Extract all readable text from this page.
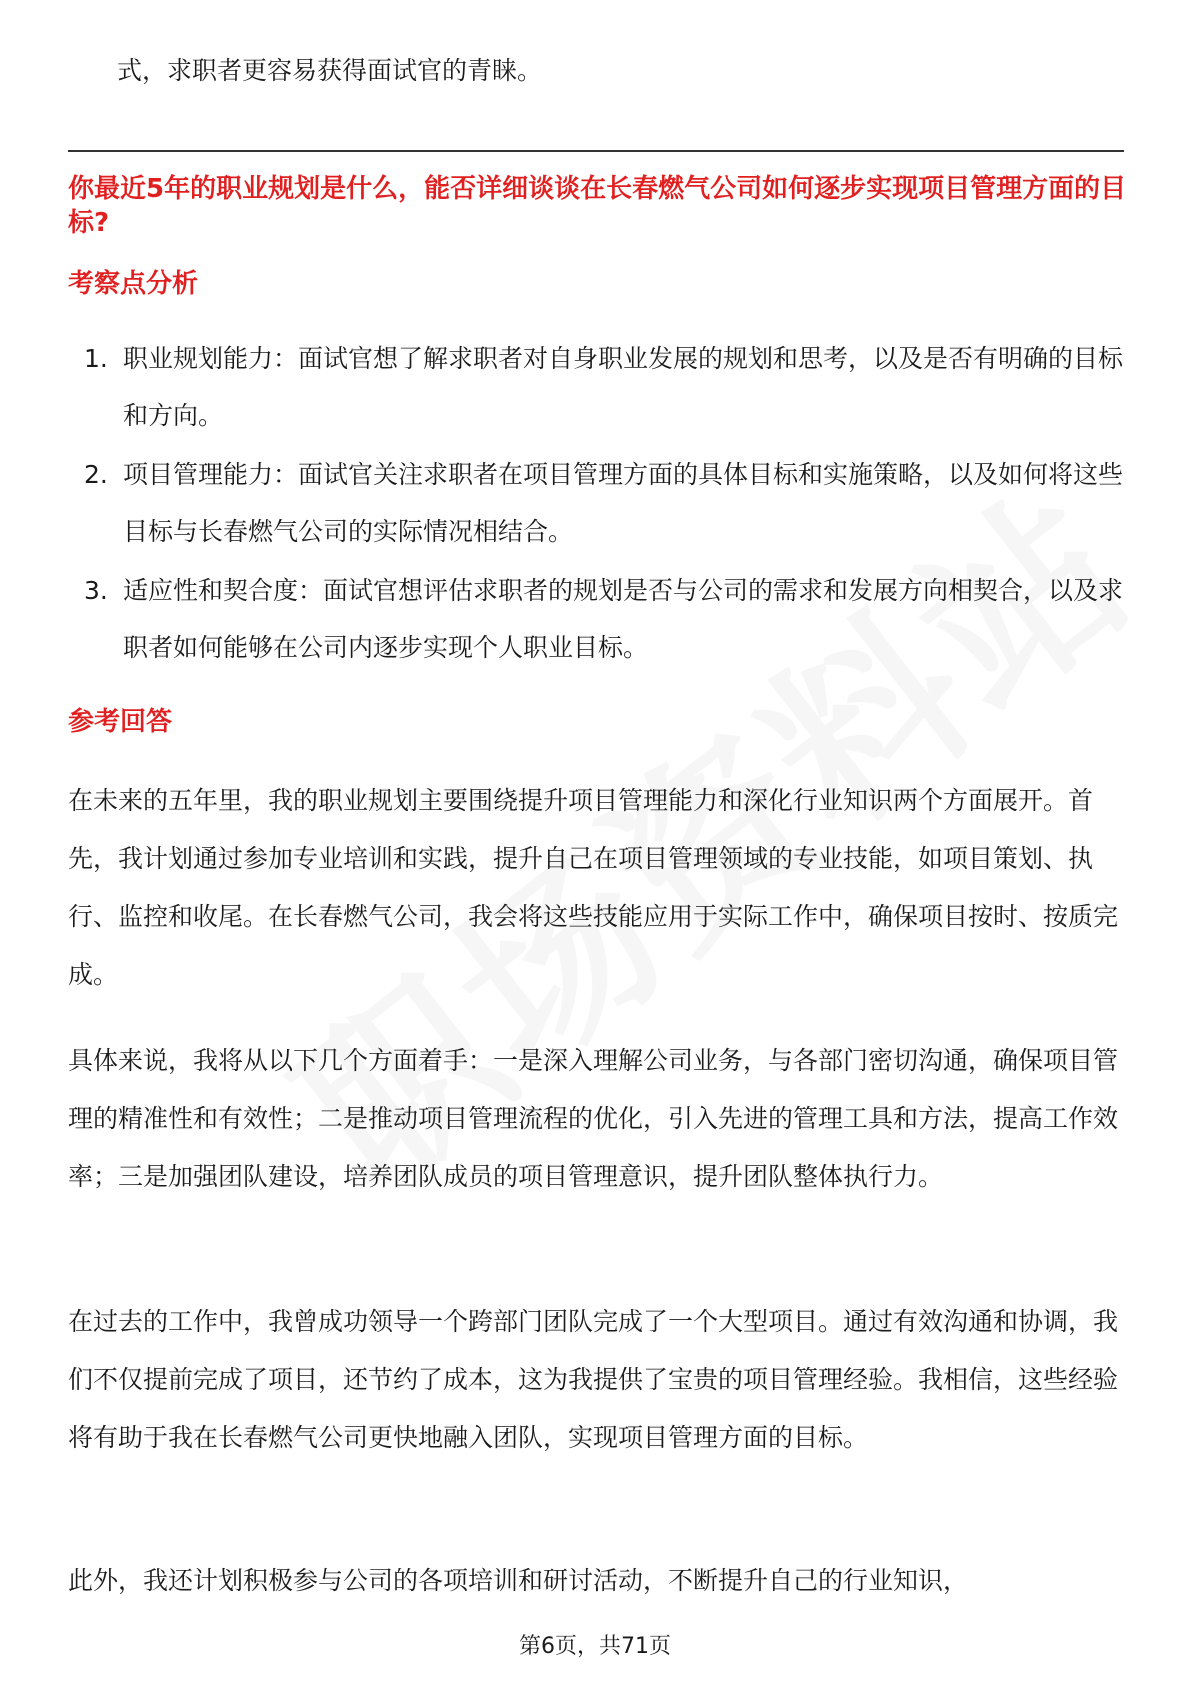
式，求职者更容易获得面试官的青睐。

你最近5年的职业规划是什么，能否详细谈谈在长春燃气公司如何逐步实现项目管理方面的目标?
考察点分析
1. 职业规划能力：面试官想了解求职者对自身职业发展的规划和思考，以及是否有明确的目标和方向。
2. 项目管理能力：面试官关注求职者在项目管理方面的具体目标和实施策略，以及如何将这些目标与长春燃气公司的实际情况相结合。
3. 适应性和契合度：面试官想评估求职者的规划是否与公司的需求和发展方向相契合，以及求职者如何能够在公司内逐步实现个人职业目标。
参考回答

在未来的五年里，我的职业规划主要围绕提升项目管理能力和深化行业知识两个方面展开。首先，我计划通过参加专业培训和实践，提升自己在项目管理领域的专业技能，如项目策划、执行、监控和收尾。在长春燃气公司，我会将这些技能应用于实际工作中，确保项目按时、按质完成。

具体来说，我将从以下几个方面着手：一是深入理解公司业务，与各部门密切沟通，确保项目管理的精准性和有效性；二是推动项目管理流程的优化，引入先进的管理工具和方法，提高工作效率；三是加强团队建设，培养团队成员的项目管理意识，提升团队整体执行力。

在过去的工作中，我曾成功领导一个跨部门团队完成了一个大型项目。通过有效沟通和协调，我们不仅提前完成了项目，还节约了成本，这为我提供了宝贵的项目管理经验。我相信，这些经验将有助于我在长春燃气公司更快地融入团队，实现项目管理方面的目标。

此外，我还计划积极参与公司的各项培训和研讨活动，不断提升自己的行业知识，

第6页，共71页
